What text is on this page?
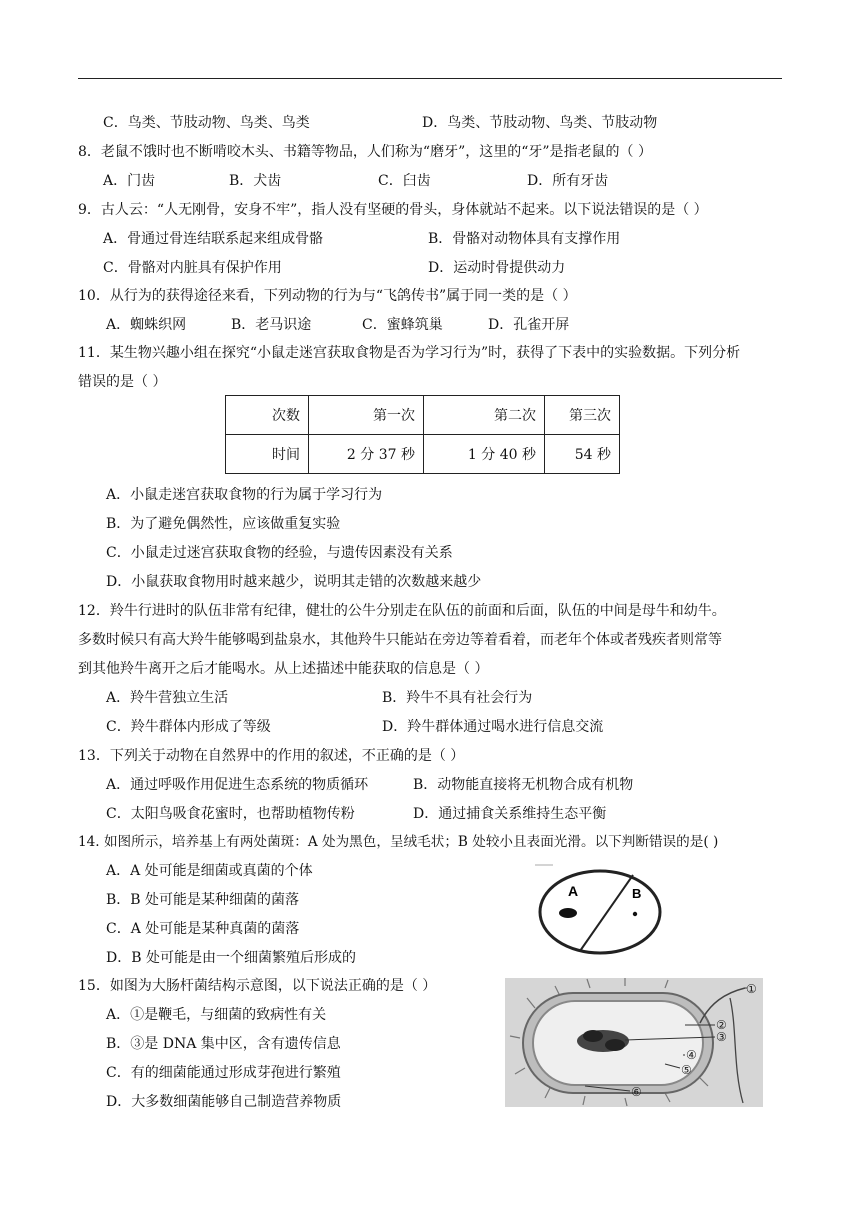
C．鸟类、节肢动物、鸟类、鸟类	D．鸟类、节肢动物、鸟类、节肢动物
8．老鼠不饿时也不断啃咬木头、书籍等物品，人们称为“磨牙”，这里的“牙”是指老鼠的（ ）
A．门齿	B．犬齿	C．臼齿	D．所有牙齿
9．古人云：“人无刚骨，安身不牢”，指人没有坚硬的骨头，身体就站不起来。以下说法错误的是（ ）
A．骨通过骨连结联系起来组成骨骼	B．骨骼对动物体具有支撑作用
C．骨骼对内脏具有保护作用	D．运动时骨提供动力
10．从行为的获得途径来看，下列动物的行为与“飞鸽传书”属于同一类的是（ ）
A．蜘蛛织网	B．老马识途	C．蜜蜂筑巢	D．孔雀开屏
11．某生物兴趣小组在探究“小鼠走迷宫获取食物是否为学习行为”时，获得了下表中的实验数据。下列分析
错误的是（ ）
次数	第一次	第二次	第三次
时间	2 分 37 秒	1 分 40 秒	54 秒
A．小鼠走迷宫获取食物的行为属于学习行为
B．为了避免偶然性，应该做重复实验
C．小鼠走过迷宫获取食物的经验，与遗传因素没有关系
D．小鼠获取食物用时越来越少，说明其走错的次数越来越少
12．羚牛行进时的队伍非常有纪律，健壮的公牛分别走在队伍的前面和后面，队伍的中间是母牛和幼牛。
多数时候只有高大羚牛能够喝到盐泉水，其他羚牛只能站在旁边等着看着，而老年个体或者残疾者则常等
到其他羚牛离开之后才能喝水。从上述描述中能获取的信息是（ ）
A．羚牛营独立生活	B．羚牛不具有社会行为
C．羚牛群体内形成了等级	D．羚牛群体通过喝水进行信息交流
13．下列关于动物在自然界中的作用的叙述，不正确的是（ ）
A．通过呼吸作用促进生态系统的物质循环	B．动物能直接将无机物合成有机物
C．太阳鸟吸食花蜜时，也帮助植物传粉	D．通过捕食关系维持生态平衡
14. 如图所示，培养基上有两处菌斑：A 处为黑色，呈绒毛状；B 处较小且表面光滑。以下判断错误的是( )
A．A 处可能是细菌或真菌的个体
B．B 处可能是某种细菌的菌落
C．A 处可能是某种真菌的菌落
D．B 处可能是由一个细菌繁殖后形成的
A	B
15．如图为大肠杆菌结构示意图，以下说法正确的是（ ）
A．①是鞭毛，与细菌的致病性有关
B．③是 DNA 集中区，含有遗传信息
C．有的细菌能通过形成芽孢进行繁殖
D．大多数细菌能够自己制造营养物质
①
②
③
④
⑤
⑥
